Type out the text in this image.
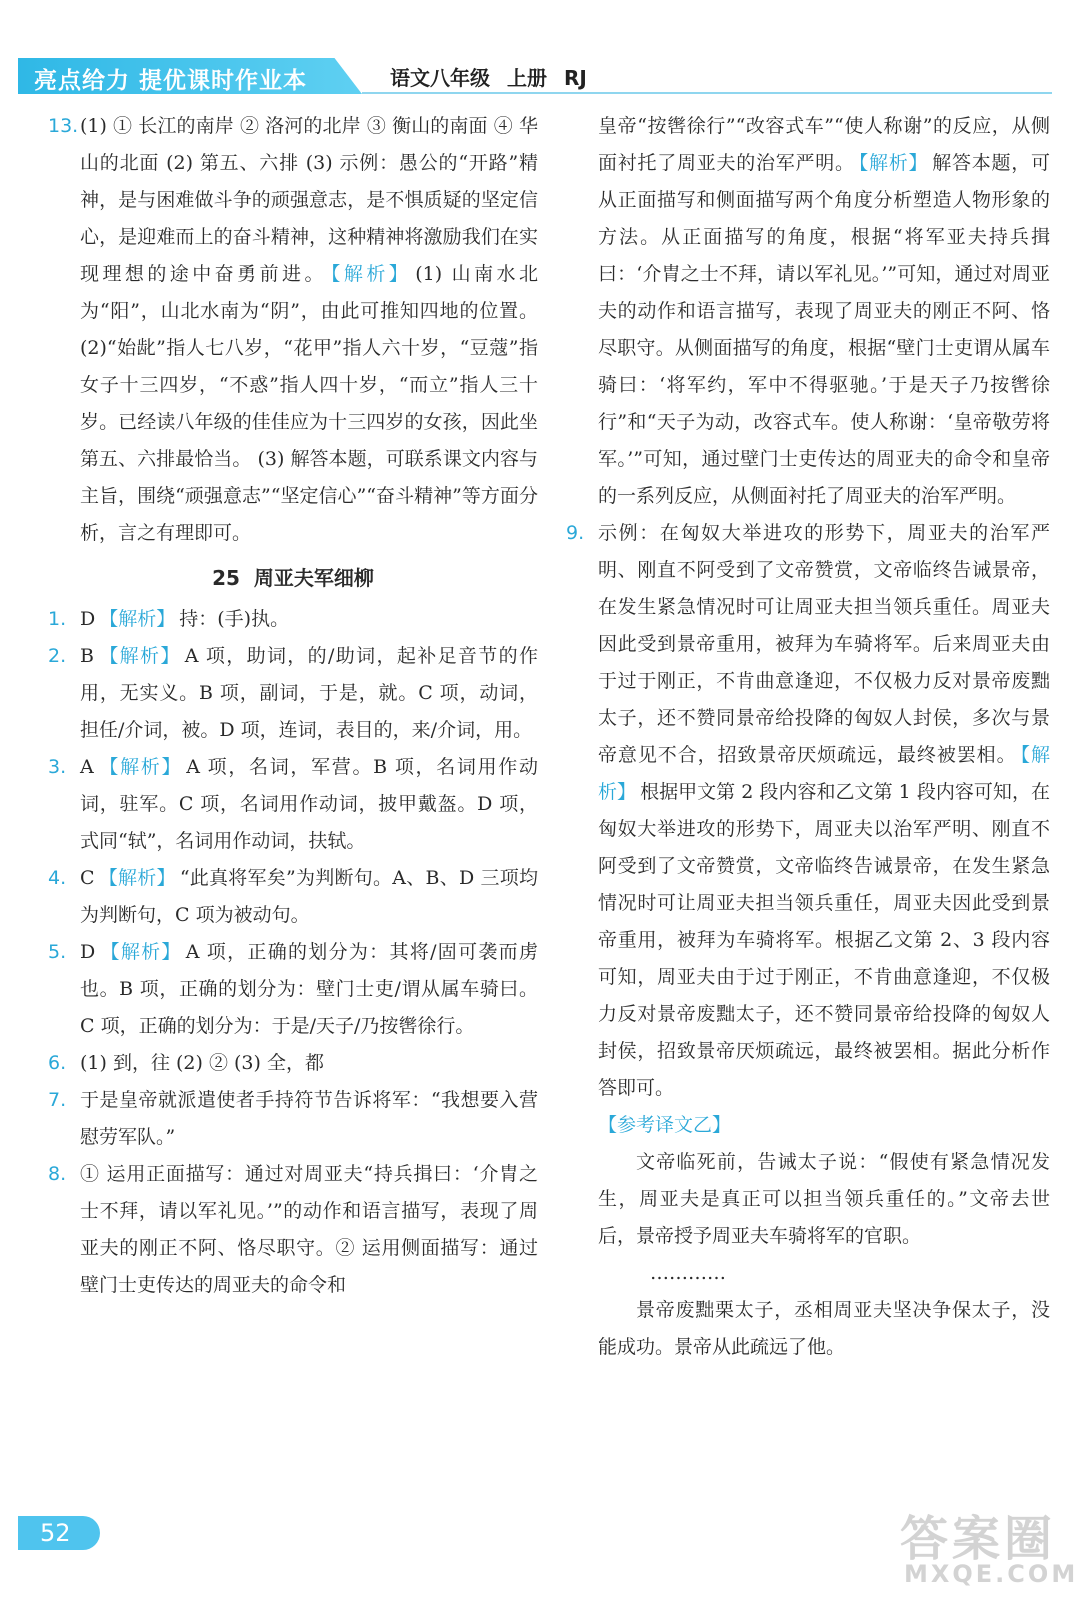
亮点给力 提优课时作业本	语文八年级 上册 RJ
13. (1) ① 长江的南岸 ② 洛河的北岸 ③ 衡山的南面 ④ 华山的北面 (2) 第五、六排 (3) 示例：愚公的“开路”精神，是与困难做斗争的顽强意志，是不惧质疑的坚定信心，是迎难而上的奋斗精神，这种精神将激励我们在实现理想的途中奋勇前进。 【解析】 (1) 山南水北为“阳”，山北水南为“阴”，由此可推知四地的位置。 (2)“始龀”指人七八岁，“花甲”指人六十岁，“豆蔻”指女子十三四岁，“不惑”指人四十岁，“而立”指人三十岁。已经读八年级的佳佳应为十三四岁的女孩，因此坐第五、六排最恰当。 (3) 解答本题，可联系课文内容与主旨，围绕“顽强意志”“坚定信心”“奋斗精神”等方面分析，言之有理即可。
25 周亚夫军细柳
1. D 【解析】 持：(手)执。
2. B 【解析】 A 项，助词，的/助词，起补足音节的作用，无实义。B 项，副词，于是，就。C 项，动词，担任/介词，被。D 项，连词，表目的，来/介词，用。
3. A 【解析】 A 项，名词，军营。B 项，名词用作动词，驻军。C 项，名词用作动词，披甲戴盔。D 项，式同“轼”，名词用作动词，扶轼。
4. C 【解析】 “此真将军矣”为判断句。A、B、D 三项均为判断句，C 项为被动句。
5. D 【解析】 A 项，正确的划分为：其将/固可袭而虏也。B 项，正确的划分为：壁门士吏/谓从属车骑曰。C 项，正确的划分为：于是/天子/乃按辔徐行。
6. (1) 到，往 (2) ② (3) 全，都
7. 于是皇帝就派遣使者手持符节告诉将军：“我想要入营慰劳军队。”
8. ① 运用正面描写：通过对周亚夫“持兵揖曰：‘介胄之士不拜，请以军礼见。’”的动作和语言描写，表现了周亚夫的刚正不阿、恪尽职守。② 运用侧面描写：通过壁门士吏传达的周亚夫的命令和
皇帝“按辔徐行”“改容式车”“使人称谢”的反应，从侧面衬托了周亚夫的治军严明。 【解析】 解答本题，可从正面描写和侧面描写两个角度分析塑造人物形象的方法。从正面描写的角度，根据“将军亚夫持兵揖曰：‘介胄之士不拜，请以军礼见。’”可知，通过对周亚夫的动作和语言描写，表现了周亚夫的刚正不阿、恪尽职守。从侧面描写的角度，根据“壁门士吏谓从属车骑曰：‘将军约，军中不得驱驰。’于是天子乃按辔徐行”和“天子为动，改容式车。使人称谢：‘皇帝敬劳将军。’”可知，通过壁门士吏传达的周亚夫的命令和皇帝的一系列反应，从侧面衬托了周亚夫的治军严明。
9. 示例：在匈奴大举进攻的形势下，周亚夫的治军严明、刚直不阿受到了文帝赞赏，文帝临终告诫景帝，在发生紧急情况时可让周亚夫担当领兵重任。周亚夫因此受到景帝重用，被拜为车骑将军。后来周亚夫由于过于刚正，不肯曲意逢迎，不仅极力反对景帝废黜太子，还不赞同景帝给投降的匈奴人封侯，多次与景帝意见不合，招致景帝厌烦疏远，最终被罢相。 【解析】 根据甲文第 2 段内容和乙文第 1 段内容可知，在匈奴大举进攻的形势下，周亚夫以治军严明、刚直不阿受到了文帝赞赏，文帝临终告诫景帝，在发生紧急情况时可让周亚夫担当领兵重任，周亚夫因此受到景帝重用，被拜为车骑将军。根据乙文第 2、3 段内容可知，周亚夫由于过于刚正，不肯曲意逢迎，不仅极力反对景帝废黜太子，还不赞同景帝给投降的匈奴人封侯，招致景帝厌烦疏远，最终被罢相。据此分析作答即可。
【参考译文乙】
文帝临死前，告诫太子说：“假使有紧急情况发生，周亚夫是真正可以担当领兵重任的。”文帝去世后，景帝授予周亚夫车骑将军的官职。
…………
景帝废黜栗太子，丞相周亚夫坚决争保太子，没能成功。景帝从此疏远了他。
52	答案圈
MXQE.COM
